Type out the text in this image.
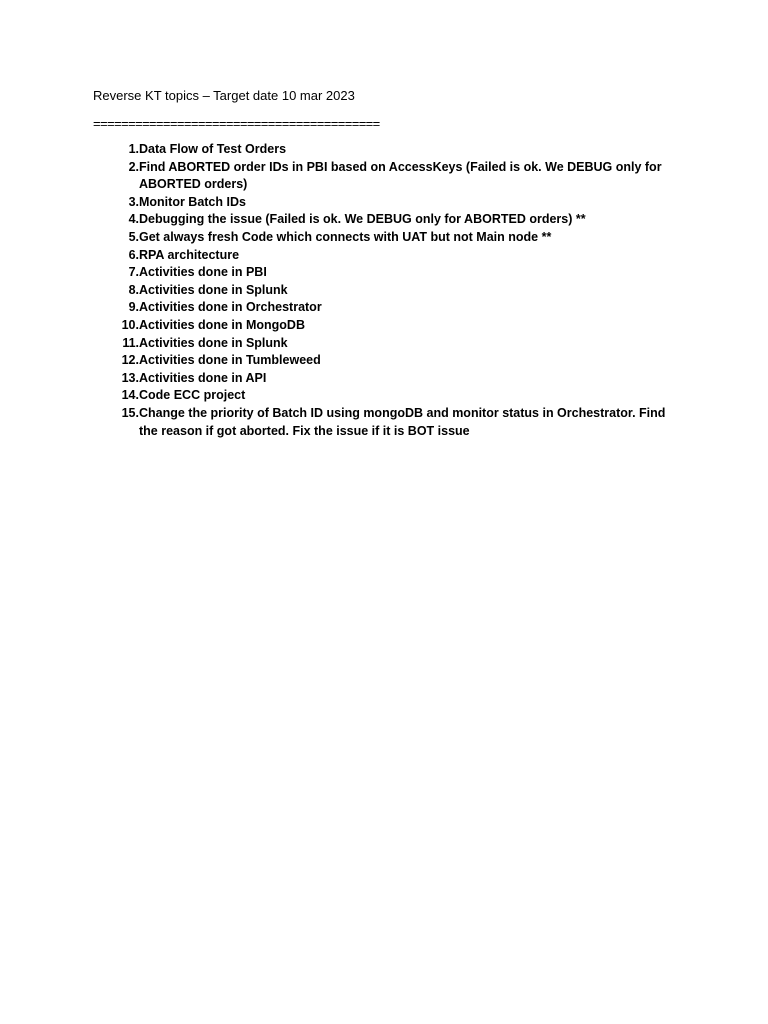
Reverse KT topics – Target date 10 mar 2023
=========================================
1. Data Flow of Test Orders
2. Find ABORTED order IDs in PBI based on AccessKeys (Failed is ok. We DEBUG only for ABORTED orders)
3. Monitor Batch IDs
4. Debugging the issue (Failed is ok. We DEBUG only for ABORTED orders) **
5. Get always fresh Code which connects with UAT but not Main node **
6. RPA architecture
7. Activities done in PBI
8. Activities done in Splunk
9. Activities done in Orchestrator
10. Activities done in MongoDB
11. Activities done in Splunk
12. Activities done in Tumbleweed
13. Activities done in API
14. Code ECC project
15. Change the priority of Batch ID using mongoDB and monitor status in Orchestrator. Find the reason if got aborted. Fix the issue if it is BOT issue
